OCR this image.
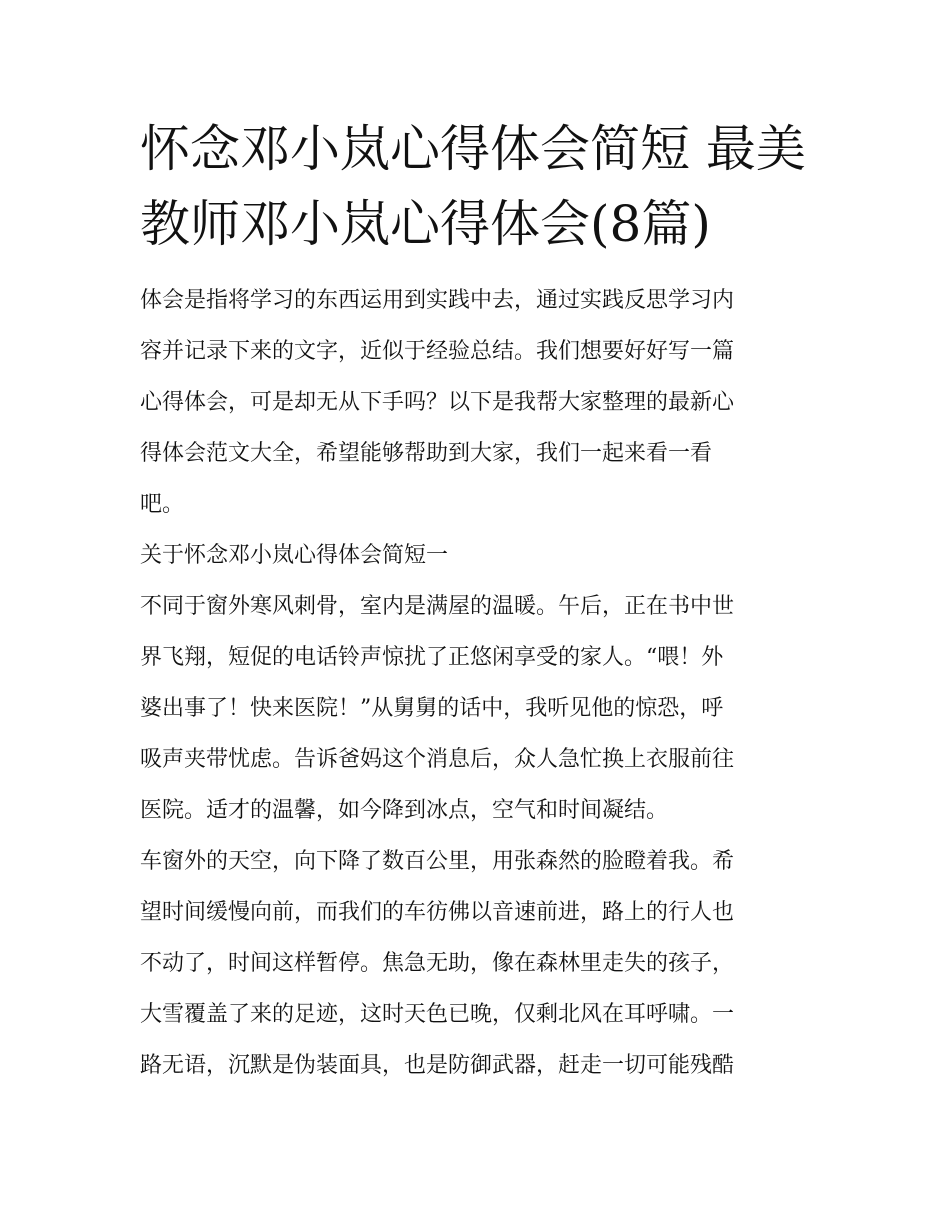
怀念邓小岚心得体会简短 最美
教师邓小岚心得体会(8篇)

体会是指将学习的东西运用到实践中去，通过实践反思学习内
容并记录下来的文字，近似于经验总结。我们想要好好写一篇
心得体会，可是却无从下手吗？以下是我帮大家整理的最新心
得体会范文大全，希望能够帮助到大家，我们一起来看一看
吧。

关于怀念邓小岚心得体会简短一

不同于窗外寒风刺骨，室内是满屋的温暖。午后，正在书中世
界飞翔，短促的电话铃声惊扰了正悠闲享受的家人。“喂！外
婆出事了！快来医院！”从舅舅的话中，我听见他的惊恐，呼
吸声夹带忧虑。告诉爸妈这个消息后，众人急忙换上衣服前往
医院。适才的温馨，如今降到冰点，空气和时间凝结。

车窗外的天空，向下降了数百公里，用张森然的脸瞪着我。希
望时间缓慢向前，而我们的车彷佛以音速前进，路上的行人也
不动了，时间这样暂停。焦急无助，像在森林里走失的孩子，
大雪覆盖了来的足迹，这时天色已晚，仅剩北风在耳呼啸。一
路无语，沉默是伪装面具，也是防御武器，赶走一切可能残酷
